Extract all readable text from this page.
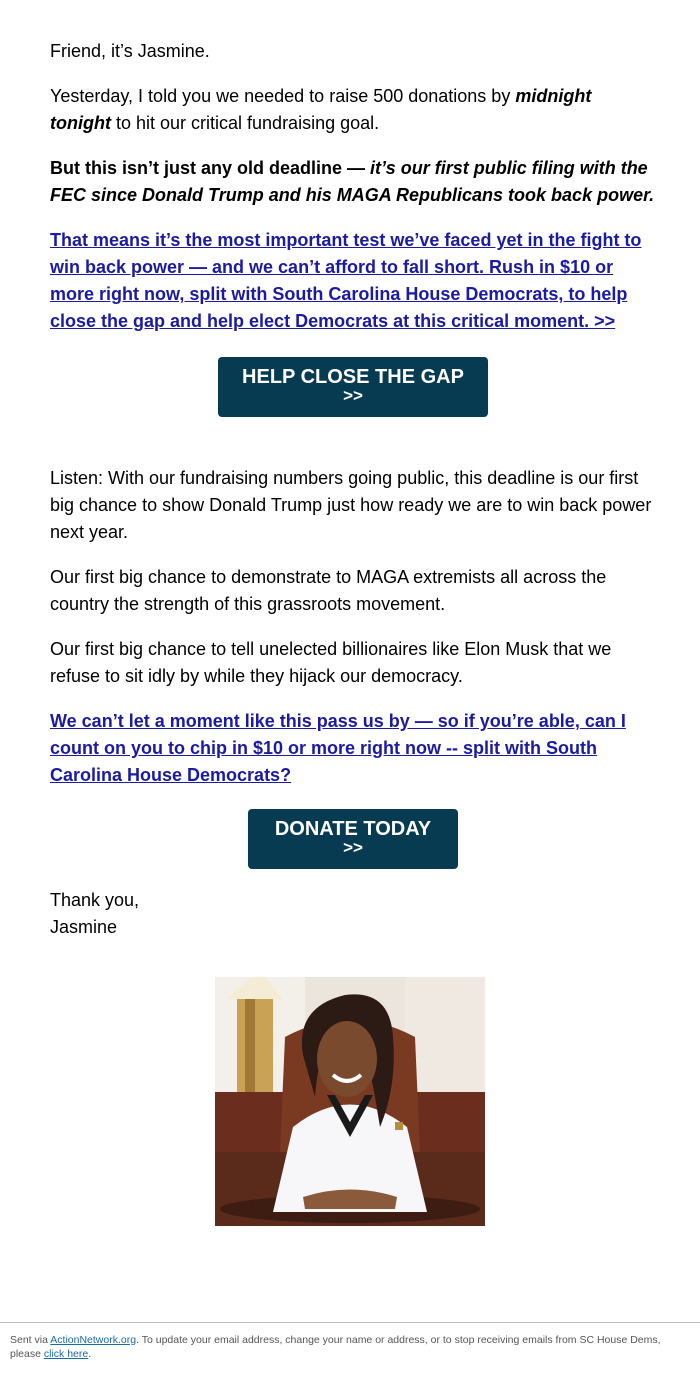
Friend, it’s Jasmine.

Yesterday, I told you we needed to raise 500 donations by midnight tonight to hit our critical fundraising goal.

But this isn’t just any old deadline — it’s our first public filing with the FEC since Donald Trump and his MAGA Republicans took back power.

That means it’s the most important test we’ve faced yet in the fight to win back power — and we can’t afford to fall short. Rush in $10 or more right now, split with South Carolina House Democrats, to help close the gap and help elect Democrats at this critical moment. >>

HELP CLOSE THE GAP
>>

Listen: With our fundraising numbers going public, this deadline is our first big chance to show Donald Trump just how ready we are to win back power next year.

Our first big chance to demonstrate to MAGA extremists all across the country the strength of this grassroots movement.

Our first big chance to tell unelected billionaires like Elon Musk that we refuse to sit idly by while they hijack our democracy.

We can’t let a moment like this pass us by — so if you’re able, can I count on you to chip in $10 or more right now -- split with South Carolina House Democrats?

DONATE TODAY
>>

Thank you,
Jasmine

Sent via ActionNetwork.org. To update your email address, change your name or address, or to stop receiving emails from SC House Dems, please click here.
